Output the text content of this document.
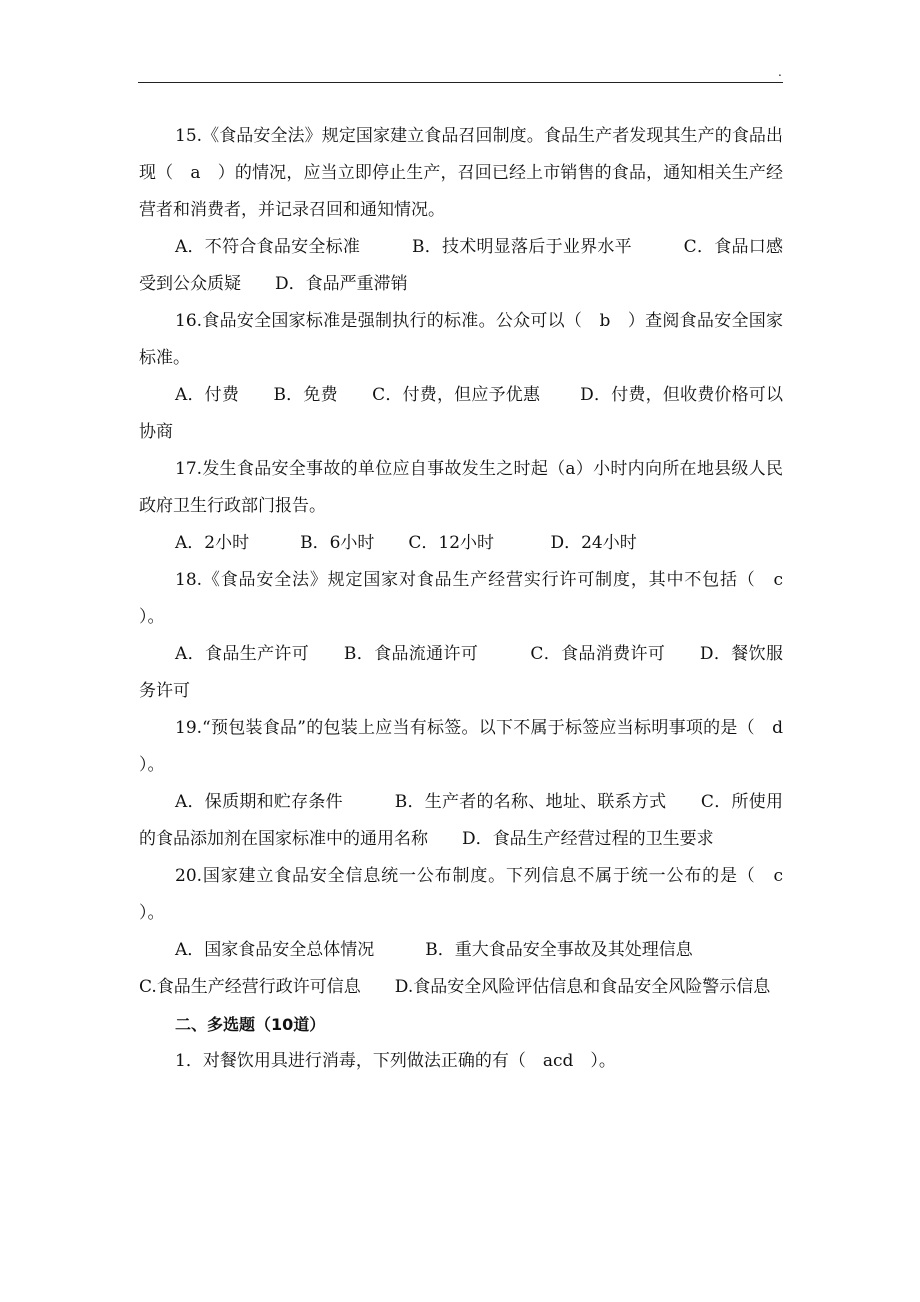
.

15.《食品安全法》规定国家建立食品召回制度。食品生产者发现其生产的食品出现（　a　）的情况，应当立即停止生产，召回已经上市销售的食品，通知相关生产经营者和消费者，并记录召回和通知情况。

A．不符合食品安全标准　　　B．技术明显落后于业界水平　　　C．食品口感受到公众质疑　　D．食品严重滞销

16.食品安全国家标准是强制执行的标准。公众可以（　b　）查阅食品安全国家标准。

A．付费　　B．免费　　C．付费，但应予优惠　　 D．付费，但收费价格可以协商

17.发生食品安全事故的单位应自事故发生之时起（a）小时内向所在地县级人民政府卫生行政部门报告。

A．2小时　　　B．6小时　　C．12小时　　　 D．24小时

18.《食品安全法》规定国家对食品生产经营实行许可制度，其中不包括（　c　）。

A．食品生产许可　　B．食品流通许可　　　C．食品消费许可　　D．餐饮服务许可

19.“预包装食品”的包装上应当有标签。以下不属于标签应当标明事项的是（　d　）。

A．保质期和贮存条件　　　B．生产者的名称、地址、联系方式　　C．所使用的食品添加剂在国家标准中的通用名称　　D．食品生产经营过程的卫生要求

20.国家建立食品安全信息统一公布制度。下列信息不属于统一公布的是（　c　）。

A．国家食品安全总体情况　　　B．重大食品安全事故及其处理信息

C.食品生产经营行政许可信息　　D.食品安全风险评估信息和食品安全风险警示信息

二、多选题（10道）

1．对餐饮用具进行消毒，下列做法正确的有（　acd　）。
